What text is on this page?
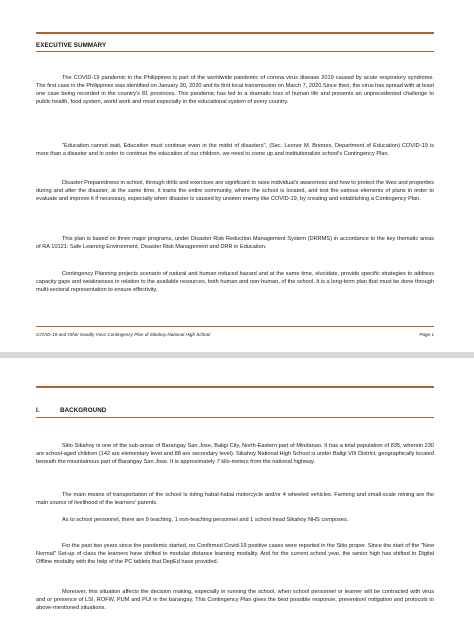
EXECUTIVE SUMMARY

The COVID-19 pandemic in the Philippines is part of the worldwide pandemic of corona virus disease 2019 caused by acute respiratory syndrome. The first case in the Philippines was identified on January 30, 2020 and its first local transmission on March 7, 2020.Since then, the virus has spread with at least one case being recorded in the country's 81 provinces. This pandemic has led to a dramatic loss of human life and presents an unprecedented challenge to public health, food system, world work and most especially in the educational system of every country.

"Education cannot wait, Education must continue even in the midst of disasters", (Sec. Leonor M. Briones, Department of Education) COVID-19 is more than a disaster and in order to continue the education of our children, we need to come up and institutionalize school's Contingency Plan.

Disaster Preparedness in school, through drills and exercises are significant to raise individual's awareness and how to protect the lives and properties during and after the disaster, at the same time, it trains the entire community, where the school is located, and test the various elements of plans in order to evaluate and improve it if necessary, especially when disaster is caused by unseen enemy like COVID-19, by creating and establishing a Contingency Plan.

This plan is based on three major programs, under Disaster Risk Reduction Management System (DRRMS) in accordance to the key thematic areas of RA 10121: Safe Learning Environment, Disaster Risk Management and DRR in Education.

Contingency Planning projects scenario of natural and human induced hazard and at the same time, elucidate, provide specific strategies to address capacity gaps and weaknesses in relation to the available resources, both human and non-human, of the school. It is a long-term plan that must be done through multi-sectoral representation to ensure effectivity.

COVID-19 and Other Deadly Virus Contingency Plan of Sikahoy National High School	Page 1
I.	BACKGROUND

Sitio Sikahoy is one of the sub-areas of Barangay San Jose, Baligi City, North-Eastern part of Mindanao. It has a total population of 835, wherein 230 are school-aged children (142 are elementary level and 88 are secondary level). Sikahoy National High School is under Baligi VIII District, geographically located beneath the mountainous part of Barangay San Jose. It is approximately 7 kilo-meters from the national highway.

The main means of transportation of the school is riding habal-habal motorcycle and/or 4 wheeled vehicles. Farming and small-scale mining are the main source of livelihood of the learners' parents.

As to school personnel, there are 9 teaching, 1 non-teaching personnel and 1 school head Sikahoy NHS composes.

For the past two years since the pandemic started, no Confirmed Covid-19 positive cases were reported in the Sitio proper. Since the start of the "New Normal" Set-up of class the learners have shifted to modular distance learning modality. And for the current school year, the senior high has shifted to Digital Offline modality with the help of the PC tablets that DepEd have provided.

Moreover, this situation affects the decision making, especially in running the school, when school personnel or learner will be contracted with virus and or presence of LSI, ROFW, PUM and PUI in the barangay. This Contingency Plan gives the best possible response, prevention/ mitigation and protocols to above-mentioned situations.
